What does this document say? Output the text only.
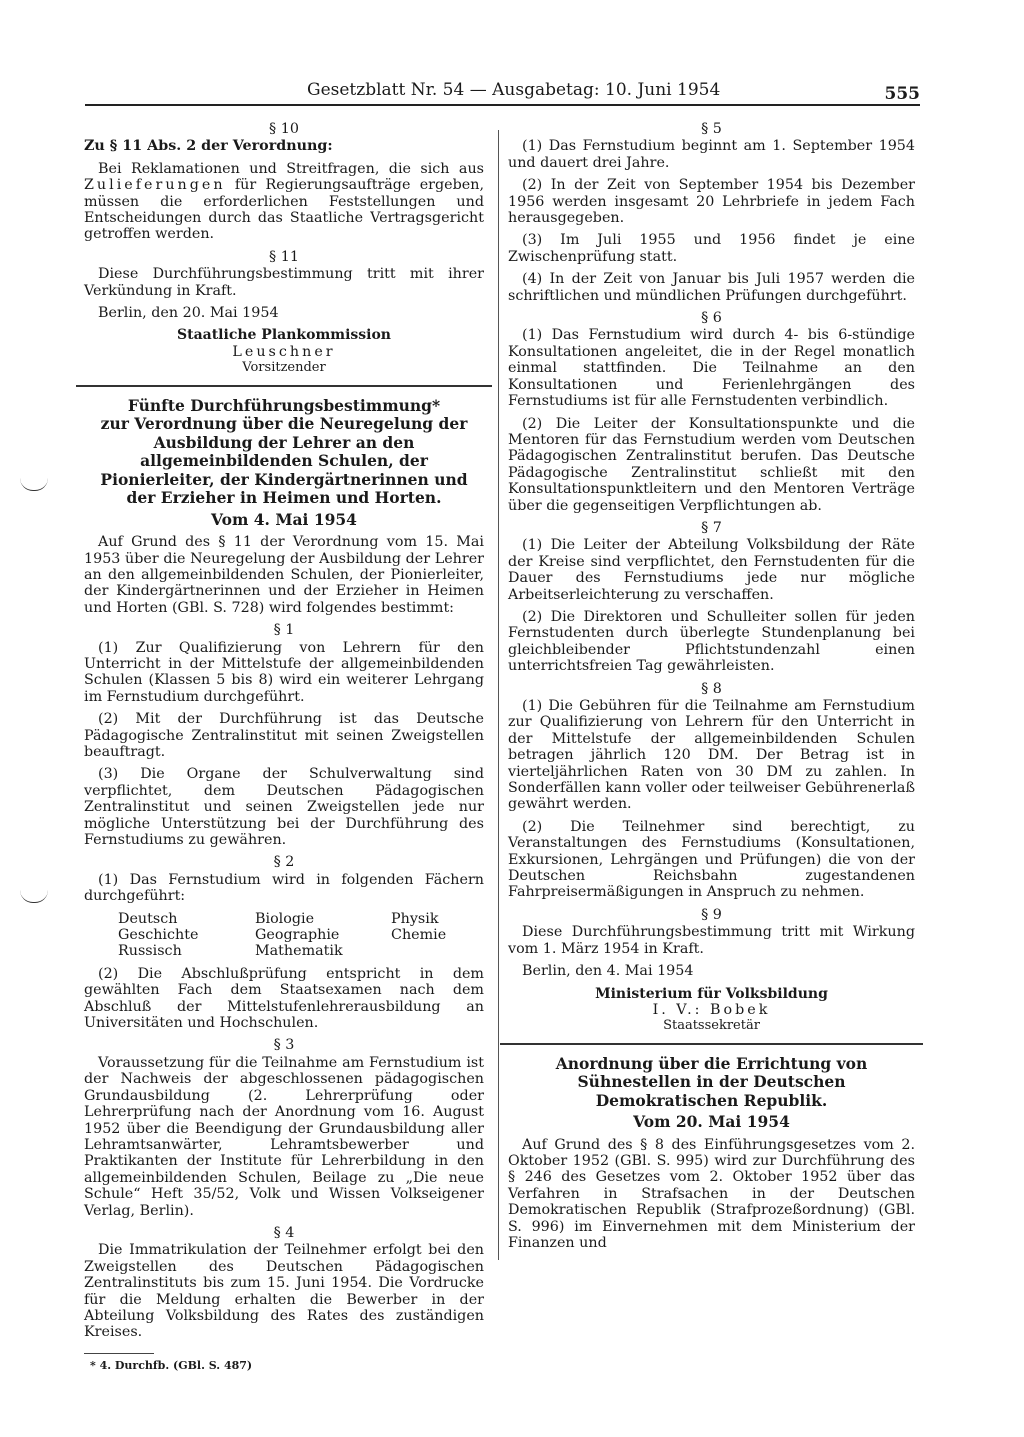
Gesetzblatt Nr. 54 — Ausgabetag: 10. Juni 1954	555
§ 10

Zu § 11 Abs. 2 der Verordnung:

Bei Reklamationen und Streitfragen, die sich aus Zulieferungen für Regierungsaufträge ergeben, müssen die erforderlichen Feststellungen und Entscheidungen durch das Staatliche Vertragsgericht getroffen werden.

§ 11

Diese Durchführungsbestimmung tritt mit ihrer Verkündung in Kraft.

Berlin, den 20. Mai 1954

Staatliche Plankommission
Leuschner
Vorsitzender
Fünfte Durchführungsbestimmung*
zur Verordnung über die Neuregelung der Ausbildung der Lehrer an den allgemeinbildenden Schulen, der Pionierleiter, der Kindergärtnerinnen und der Erzieher in Heimen und Horten.
Vom 4. Mai 1954

Auf Grund des § 11 der Verordnung vom 15. Mai 1953 über die Neuregelung der Ausbildung der Lehrer an den allgemeinbildenden Schulen, der Pionierleiter, der Kindergärtnerinnen und der Erzieher in Heimen und Horten (GBl. S. 728) wird folgendes bestimmt:

§ 1

(1) Zur Qualifizierung von Lehrern für den Unterricht in der Mittelstufe der allgemeinbildenden Schulen (Klassen 5 bis 8) wird ein weiterer Lehrgang im Fernstudium durchgeführt.

(2) Mit der Durchführung ist das Deutsche Pädagogische Zentralinstitut mit seinen Zweigstellen beauftragt.

(3) Die Organe der Schulverwaltung sind verpflichtet, dem Deutschen Pädagogischen Zentralinstitut und seinen Zweigstellen jede nur mögliche Unterstützung bei der Durchführung des Fernstudiums zu gewähren.

§ 2

(1) Das Fernstudium wird in folgenden Fächern durchgeführt:

Deutsch	Biologie	Physik
Geschichte	Geographie	Chemie
Russisch	Mathematik

(2) Die Abschlußprüfung entspricht in dem gewählten Fach dem Staatsexamen nach dem Abschluß der Mittelstufenlehrerausbildung an Universitäten und Hochschulen.

§ 3

Voraussetzung für die Teilnahme am Fernstudium ist der Nachweis der abgeschlossenen pädagogischen Grundausbildung (2. Lehrerprüfung oder Lehrerprüfung nach der Anordnung vom 16. August 1952 über die Beendigung der Grundausbildung aller Lehramtsanwärter, Lehramtsbewerber und Praktikanten der Institute für Lehrerbildung in den allgemeinbildenden Schulen, Beilage zu „Die neue Schule“ Heft 35/52, Volk und Wissen Volkseigener Verlag, Berlin).

§ 4

Die Immatrikulation der Teilnehmer erfolgt bei den Zweigstellen des Deutschen Pädagogischen Zentralinstituts bis zum 15. Juni 1954. Die Vordrucke für die Meldung erhalten die Bewerber in der Abteilung Volksbildung des Rates des zuständigen Kreises.

* 4. Durchfb. (GBl. S. 487)
§ 5

(1) Das Fernstudium beginnt am 1. September 1954 und dauert drei Jahre.

(2) In der Zeit von September 1954 bis Dezember 1956 werden insgesamt 20 Lehrbriefe in jedem Fach herausgegeben.

(3) Im Juli 1955 und 1956 findet je eine Zwischenprüfung statt.

(4) In der Zeit von Januar bis Juli 1957 werden die schriftlichen und mündlichen Prüfungen durchgeführt.

§ 6

(1) Das Fernstudium wird durch 4- bis 6-stündige Konsultationen angeleitet, die in der Regel monatlich einmal stattfinden. Die Teilnahme an den Konsultationen und Ferienlehrgängen des Fernstudiums ist für alle Fernstudenten verbindlich.

(2) Die Leiter der Konsultationspunkte und die Mentoren für das Fernstudium werden vom Deutschen Pädagogischen Zentralinstitut berufen. Das Deutsche Pädagogische Zentralinstitut schließt mit den Konsultationspunktleitern und den Mentoren Verträge über die gegenseitigen Verpflichtungen ab.

§ 7

(1) Die Leiter der Abteilung Volksbildung der Räte der Kreise sind verpflichtet, den Fernstudenten für die Dauer des Fernstudiums jede nur mögliche Arbeitserleichterung zu verschaffen.

(2) Die Direktoren und Schulleiter sollen für jeden Fernstudenten durch überlegte Stundenplanung bei gleichbleibender Pflichtstundenzahl einen unterrichtsfreien Tag gewährleisten.

§ 8

(1) Die Gebühren für die Teilnahme am Fernstudium zur Qualifizierung von Lehrern für den Unterricht in der Mittelstufe der allgemeinbildenden Schulen betragen jährlich 120 DM. Der Betrag ist in vierteljährlichen Raten von 30 DM zu zahlen. In Sonderfällen kann voller oder teilweiser Gebührenerlaß gewährt werden.

(2) Die Teilnehmer sind berechtigt, zu Veranstaltungen des Fernstudiums (Konsultationen, Exkursionen, Lehrgängen und Prüfungen) die von der Deutschen Reichsbahn zugestandenen Fahrpreisermäßigungen in Anspruch zu nehmen.

§ 9

Diese Durchführungsbestimmung tritt mit Wirkung vom 1. März 1954 in Kraft.

Berlin, den 4. Mai 1954

Ministerium für Volksbildung
I. V.: Bobek
Staatssekretär
Anordnung über die Errichtung von Sühnestellen in der Deutschen Demokratischen Republik.
Vom 20. Mai 1954

Auf Grund des § 8 des Einführungsgesetzes vom 2. Oktober 1952 (GBl. S. 995) wird zur Durchführung des § 246 des Gesetzes vom 2. Oktober 1952 über das Verfahren in Strafsachen in der Deutschen Demokratischen Republik (Strafprozeßordnung) (GBl. S. 996) im Einvernehmen mit dem Ministerium der Finanzen und
